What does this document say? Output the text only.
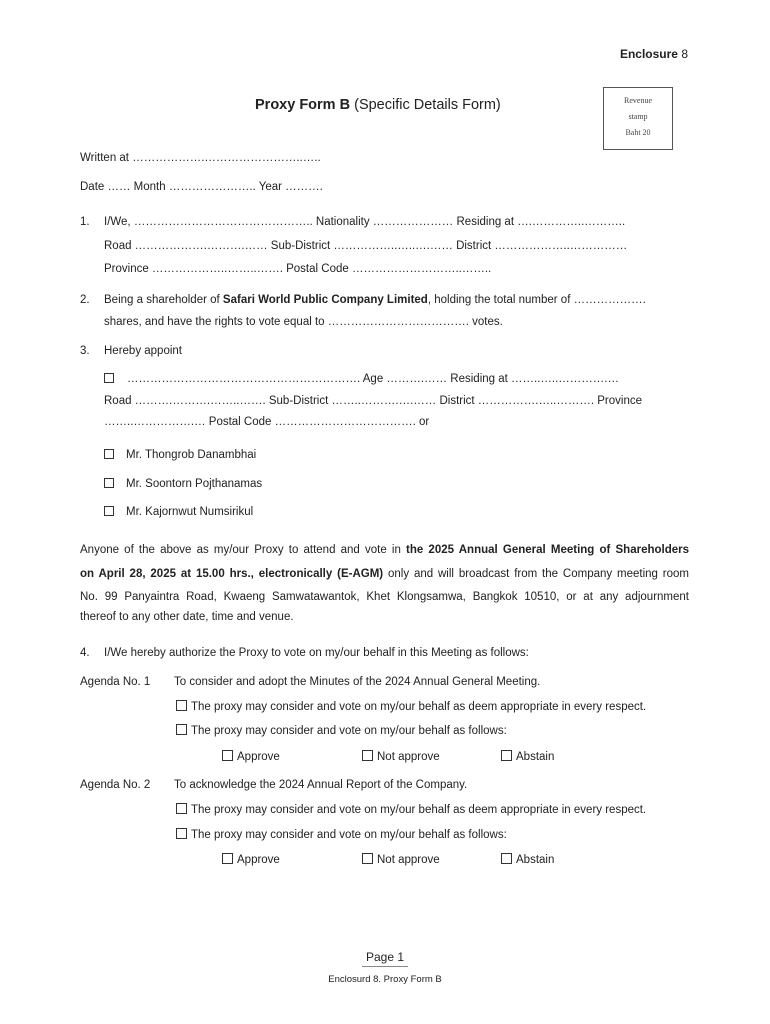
Enclosure 8
Proxy Form B (Specific Details Form)	Revenue
stamp
Baht 20
Written at ……………….……………………..…..
Date …… Month ………………….. Year ……….
1. I/We, ……………………………………….. Nationality ………………… Residing at ….…………..………..
Road ……………….……….…… Sub-District ……………..…..….…… District ………………..……………
Province ………………..……..……. Postal Code ………………………..……..
2. Being a shareholder of Safari World Public Company Limited, holding the total number of ……………….
shares, and have the rights to vote equal to ………………………………. votes.
3. Hereby appoint
……………………………………………………. Age ……….…… Residing at ……..…..………….…
Road ……….……….……..……. Sub-District ……..……….….…… District …………….…..………. Province
……..…………….… Postal Code ………………………………. or
Mr. Thongrob Danambhai
Mr. Soontorn Pojthanamas
Mr. Kajornwut Numsirikul
Anyone of the above as my/our Proxy to attend and vote in the 2025 Annual General Meeting of Shareholders
on April 28, 2025 at 15.00 hrs., electronically (E-AGM) only and will broadcast from the Company meeting room
No. 99 Panyaintra Road, Kwaeng Samwatawantok, Khet Klongsamwa, Bangkok 10510, or at any adjournment
thereof to any other date, time and venue.
4. I/We hereby authorize the Proxy to vote on my/our behalf in this Meeting as follows:
Agenda No. 1 To consider and adopt the Minutes of the 2024 Annual General Meeting.
The proxy may consider and vote on my/our behalf as deem appropriate in every respect.
The proxy may consider and vote on my/our behalf as follows:
Approve	Not approve	Abstain
Agenda No. 2 To acknowledge the 2024 Annual Report of the Company.
The proxy may consider and vote on my/our behalf as deem appropriate in every respect.
The proxy may consider and vote on my/our behalf as follows:
Approve	Not approve	Abstain
Page 1
Enclosurd 8. Proxy Form B
